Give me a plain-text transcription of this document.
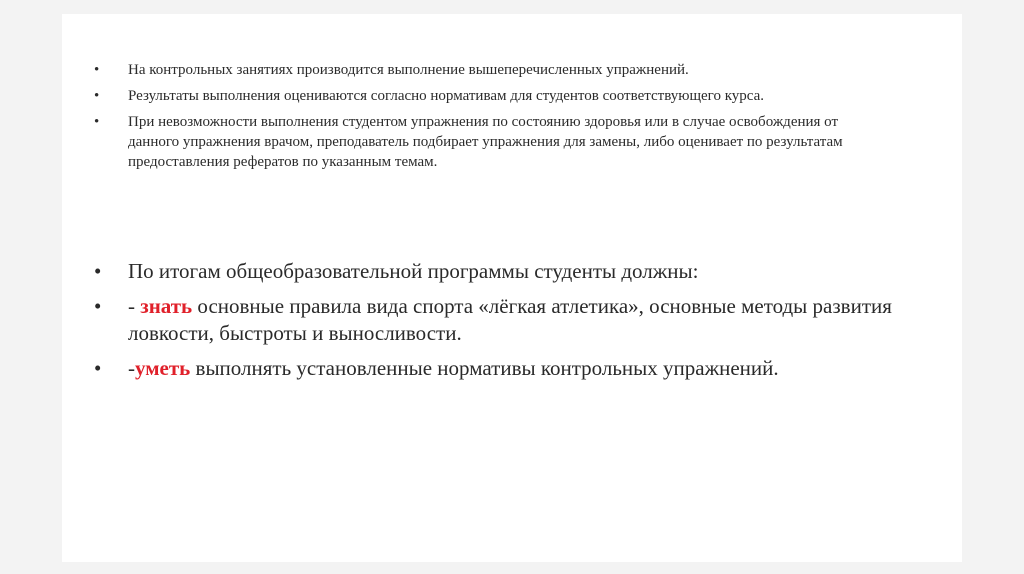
• На контрольных занятиях производится выполнение вышеперечисленных упражнений.
• Результаты выполнения оцениваются согласно нормативам для студентов соответствующего курса.
• При невозможности выполнения студентом упражнения по состоянию здоровья или в случае освобождения от данного упражнения врачом, преподаватель подбирает упражнения для замены, либо оценивает по результатам предоставления рефератов по указанным темам.
• По итогам общеобразовательной программы студенты должны:
• - знать основные правила вида спорта «лёгкая атлетика», основные методы развития ловкости, быстроты и выносливости.
• -уметь выполнять установленные нормативы контрольных упражнений.
